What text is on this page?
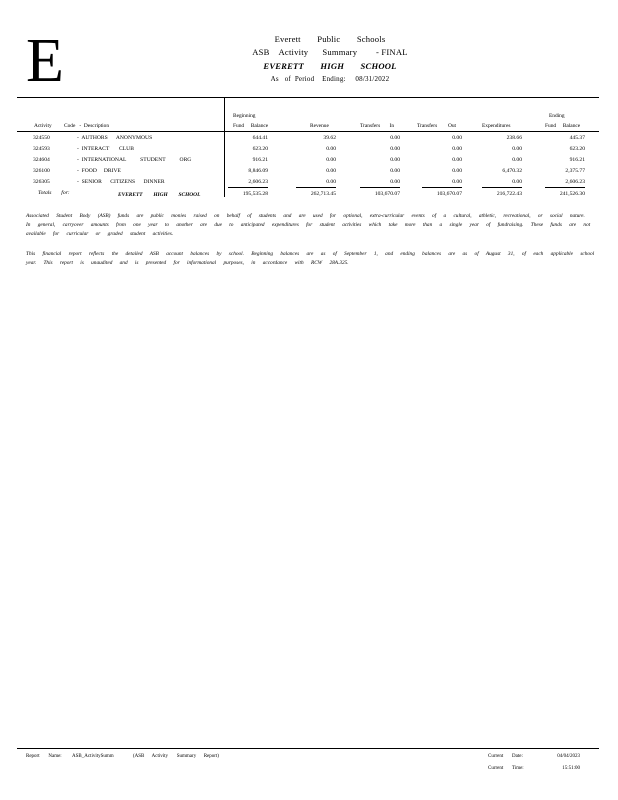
E	Everett       Public       Schools
ASB    Activity      Summary        - FINAL
EVERETT       HIGH       SCHOOL
As   of  Period    Ending:     08/31/2022
Activity Code   -  Description
Beginning
Fund     Balance	Revenue	Transfers       In	Transfers        Out	Expenditures
Ending
Fund     Balance
324550	-  AUTHORS      ANONYMOUS	644.41	39.62	0.00	0.00	238.66	445.37
324593	-  INTERACT       CLUB	623.20	0.00	0.00	0.00	0.00	623.20
324604	-  INTERNATIONAL          STUDENT          ORG	916.21	0.00	0.00	0.00	0.00	916.21
326100	-  FOOD     DRIVE	8,846.09	0.00	0.00	0.00	6,470.32	2,375.77
326305	-  SENIOR      CITIZENS      DINNER	2,606.23	0.00	0.00	0.00	0.00	2,606.23
Totals       for:	EVERETT        HIGH        SCHOOL	195,535.28	262,713.45	103,670.07	103,670.07	216,722.43	241,526.30
Associated Student Body (ASB) funds are public monies raised on behalf of students and are used for optional, extra-curricular events of a cultural, athletic, recreational, or social nature. In general, carryover amounts from one year to another are due to anticipated expenditures for student activities which take more than a single year of fundraising. These funds are not available for curricular or graded student activities.
This financial report reflects the detailed ASB account balances by school. Beginning balances are as of September 1, and ending balances are as of August 31, of each applicable school year. This report is unaudited and is presented for informational purposes, in accordance with RCW 28A.325.
Report       Name: ASB_ActivitySumm	(ASB      Activity       Summary      Report)	Current       Date:	04/04/2023
Current       Time:	15:51:00
